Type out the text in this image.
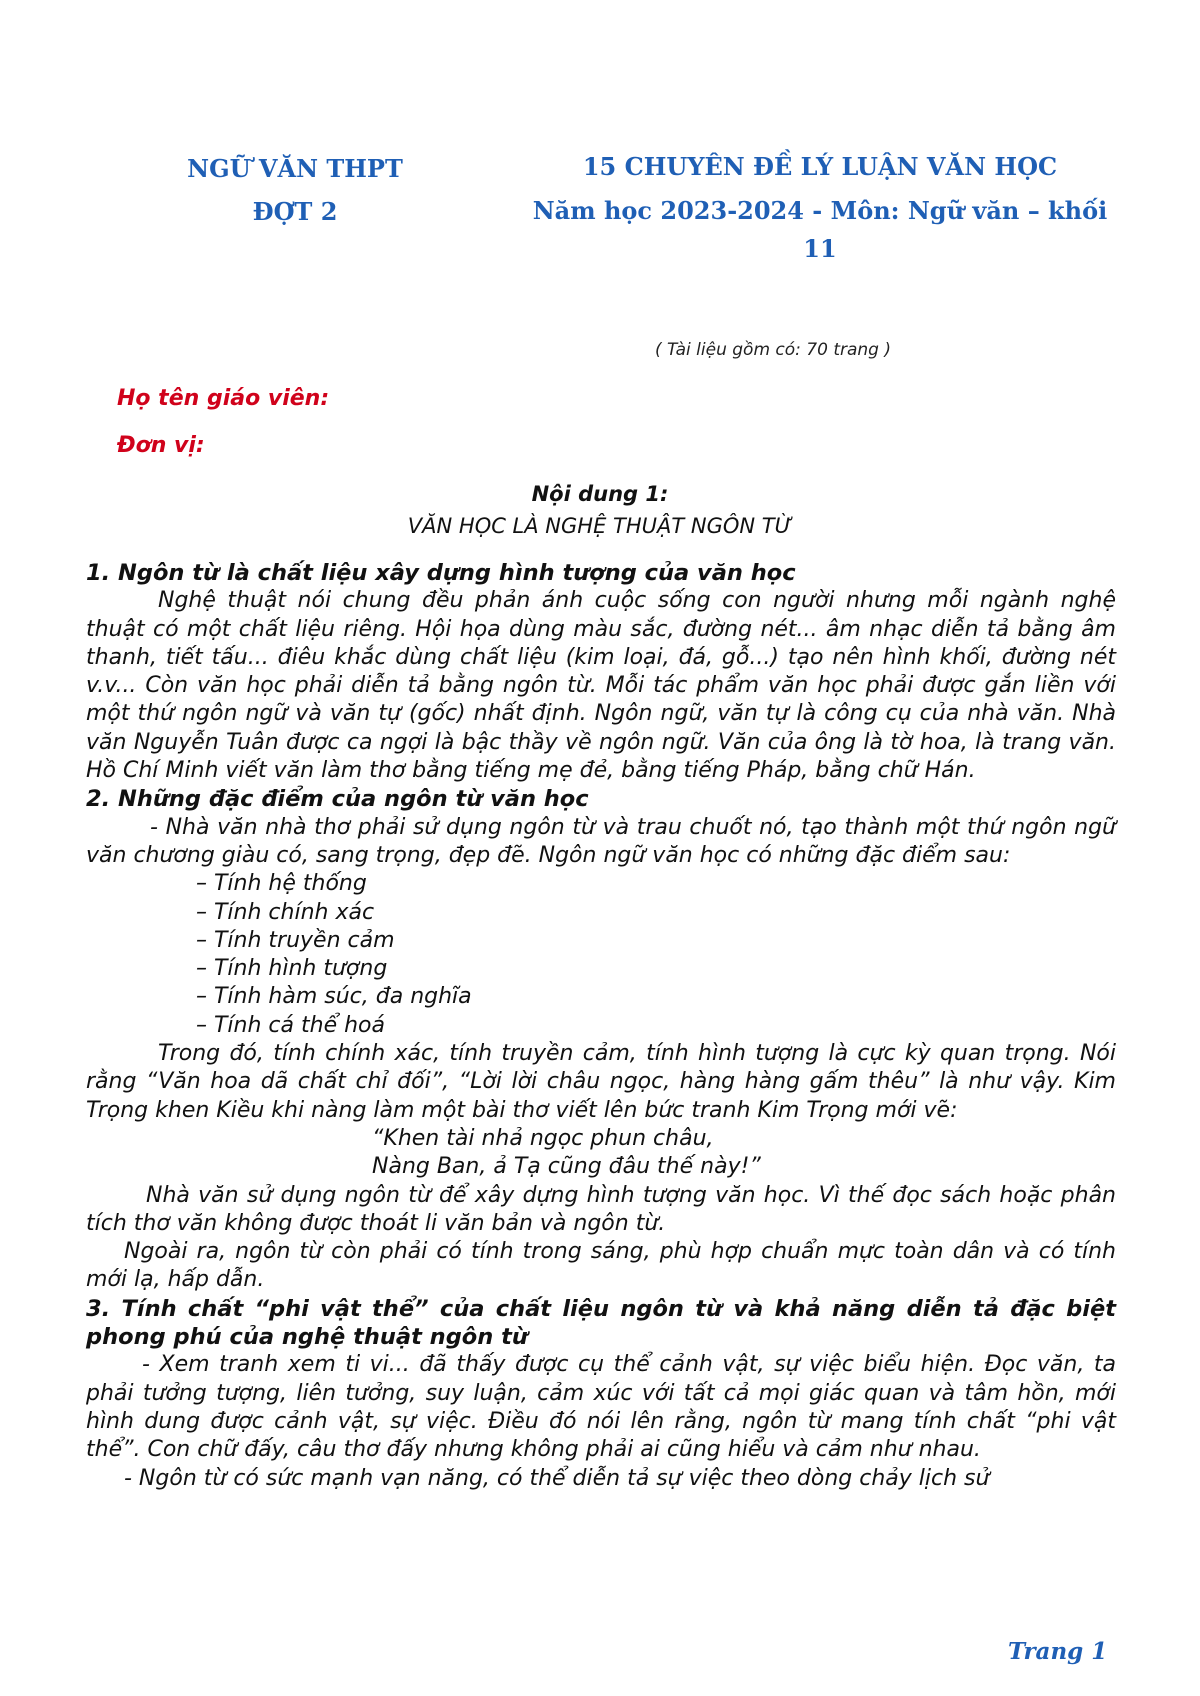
NGỮ VĂN THPT
ĐỢT 2
15 CHUYÊN ĐỀ LÝ LUẬN VĂN HỌC
Năm học 2023-2024 - Môn: Ngữ văn – khối
11
( Tài liệu gồm có: 70 trang )
Họ tên giáo viên:
Đơn vị:
Nội dung 1:
VĂN HỌC LÀ NGHỆ THUẬT NGÔN TỪ

1. Ngôn từ là chất liệu xây dựng hình tượng của văn học

Nghệ thuật nói chung đều phản ánh cuộc sống con người nhưng mỗi ngành nghệ thuật có một chất liệu riêng. Hội họa dùng màu sắc, đường nét... âm nhạc diễn tả bằng âm thanh, tiết tấu... điêu khắc dùng chất liệu (kim loại, đá, gỗ...) tạo nên hình khối, đường nét v.v... Còn văn học phải diễn tả bằng ngôn từ. Mỗi tác phẩm văn học phải được gắn liền với một thứ ngôn ngữ và văn tự (gốc) nhất định. Ngôn ngữ, văn tự là công cụ của nhà văn. Nhà văn Nguyễn Tuân được ca ngợi là bậc thầy về ngôn ngữ. Văn của ông là tờ hoa, là trang văn. Hồ Chí Minh viết văn làm thơ bằng tiếng mẹ đẻ, bằng tiếng Pháp, bằng chữ Hán.

2. Những đặc điểm của ngôn từ văn học

- Nhà văn nhà thơ phải sử dụng ngôn từ và trau chuốt nó, tạo thành một thứ ngôn ngữ văn chương giàu có, sang trọng, đẹp đẽ. Ngôn ngữ văn học có những đặc điểm sau:

– Tính hệ thống
– Tính chính xác
– Tính truyền cảm
– Tính hình tượng
– Tính hàm súc, đa nghĩa
– Tính cá thể hoá

Trong đó, tính chính xác, tính truyền cảm, tính hình tượng là cực kỳ quan trọng. Nói rằng “Văn hoa dã chất chỉ đối”, “Lời lời châu ngọc, hàng hàng gấm thêu” là như vậy. Kim Trọng khen Kiều khi nàng làm một bài thơ viết lên bức tranh Kim Trọng mới vẽ:

“Khen tài nhả ngọc phun châu,

Nàng Ban, ả Tạ cũng đâu thế này!”

Nhà văn sử dụng ngôn từ để xây dựng hình tượng văn học. Vì thế đọc sách hoặc phân tích thơ văn không được thoát li văn bản và ngôn từ.

Ngoài ra, ngôn từ còn phải có tính trong sáng, phù hợp chuẩn mực toàn dân và có tính mới lạ, hấp dẫn.

3. Tính chất “phi vật thể” của chất liệu ngôn từ và khả năng diễn tả đặc biệt phong phú của nghệ thuật ngôn từ

- Xem tranh xem ti vi... đã thấy được cụ thể cảnh vật, sự việc biểu hiện. Đọc văn, ta phải tưởng tượng, liên tưởng, suy luận, cảm xúc với tất cả mọi giác quan và tâm hồn, mới hình dung được cảnh vật, sự việc. Điều đó nói lên rằng, ngôn từ mang tính chất “phi vật thể”. Con chữ đấy, câu thơ đấy nhưng không phải ai cũng hiểu và cảm như nhau.

- Ngôn từ có sức mạnh vạn năng, có thể diễn tả sự việc theo dòng chảy lịch sử

Trang 1
